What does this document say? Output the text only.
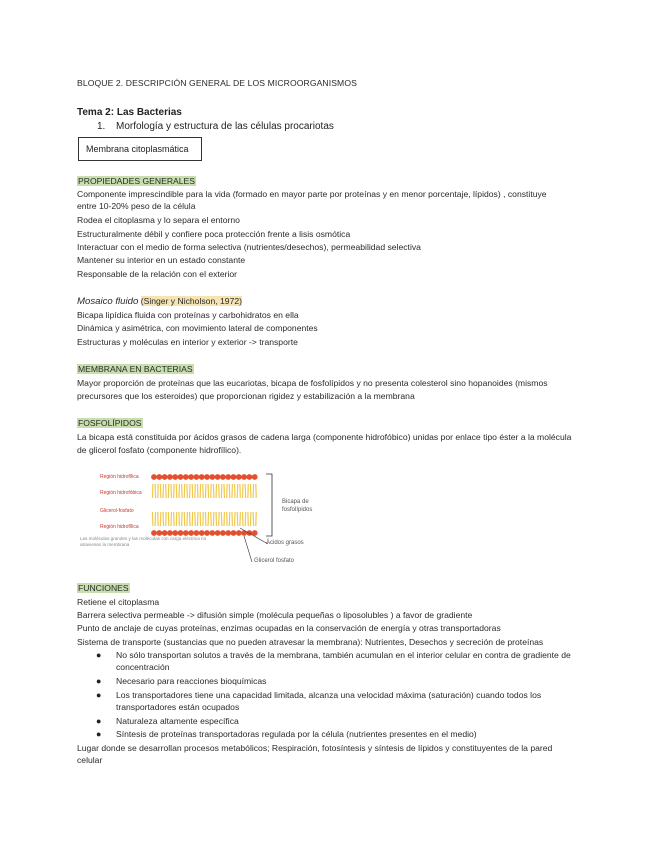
BLOQUE 2. DESCRIPCIÓN GENERAL DE LOS MICROORGANISMOS
Tema 2: Las Bacterias
1. Morfología y estructura de las células procariotas
Membrana citoplasmática
PROPIEDADES GENERALES
Componente imprescindible para la vida (formado en mayor parte por proteínas y en menor porcentaje, lípidos) , constituye entre 10-20% peso de la célula
Rodea el citoplasma y lo separa el entorno
Estructuralmente débil y confiere poca protección frente a lisis osmótica
Interactuar con el medio de forma selectiva (nutrientes/desechos), permeabilidad selectiva
Mantener su interior en un estado constante
Responsable de la relación con el exterior
Mosaico fluido (Singer y Nicholson, 1972)
Bicapa lipídica fluida con proteínas y carbohidratos en ella
Dinámica y asimétrica, con movimiento lateral de componentes
Estructuras y moléculas en interior y exterior -> transporte
MEMBRANA EN BACTERIAS
Mayor proporción de proteínas que las eucariotas, bicapa de fosfolípidos y no presenta colesterol sino hopanoides (mismos precursores que los esteroides) que proporcionan rigidez y estabilización a la membrana
FOSFOLÍPIDOS
La bicapa está constituida por ácidos grasos de cadena larga (componente hidrofóbico) unidas por enlace tipo éster a la molécula de glicerol fosfato (componente hidrofílico).
Región hidrofílica
Región hidrofóbica
Glicerol-fosfato
Región hidrofílica
Las moléculas grandes y las moléculas con carga eléctrica no atraviesan la membrana
Bicapa de fosfolípidos
Ácidos grasos
Glicerol fosfato
FUNCIONES
Retiene el citoplasma
Barrera selectiva permeable -> difusión simple (molécula pequeñas o liposolubles ) a favor de gradiente
Punto de anclaje de cuyas proteínas, enzimas ocupadas en la conservación de energía y otras transportadoras
Sistema de transporte (sustancias que no pueden atravesar la membrana): Nutrientes, Desechos y secreción de proteínas
● No sólo transportan solutos a través de la membrana, también acumulan en el interior celular en contra de gradiente de concentración
● Necesario para reacciones bioquímicas
● Los transportadores tiene una capacidad limitada, alcanza una velocidad máxima (saturación) cuando todos los transportadores están ocupados
● Naturaleza altamente específica
● Síntesis de proteínas transportadoras regulada por la célula (nutrientes presentes en el medio)
Lugar donde se desarrollan procesos metabólicos; Respiración, fotosíntesis y síntesis de lípidos y constituyentes de la pared celular
